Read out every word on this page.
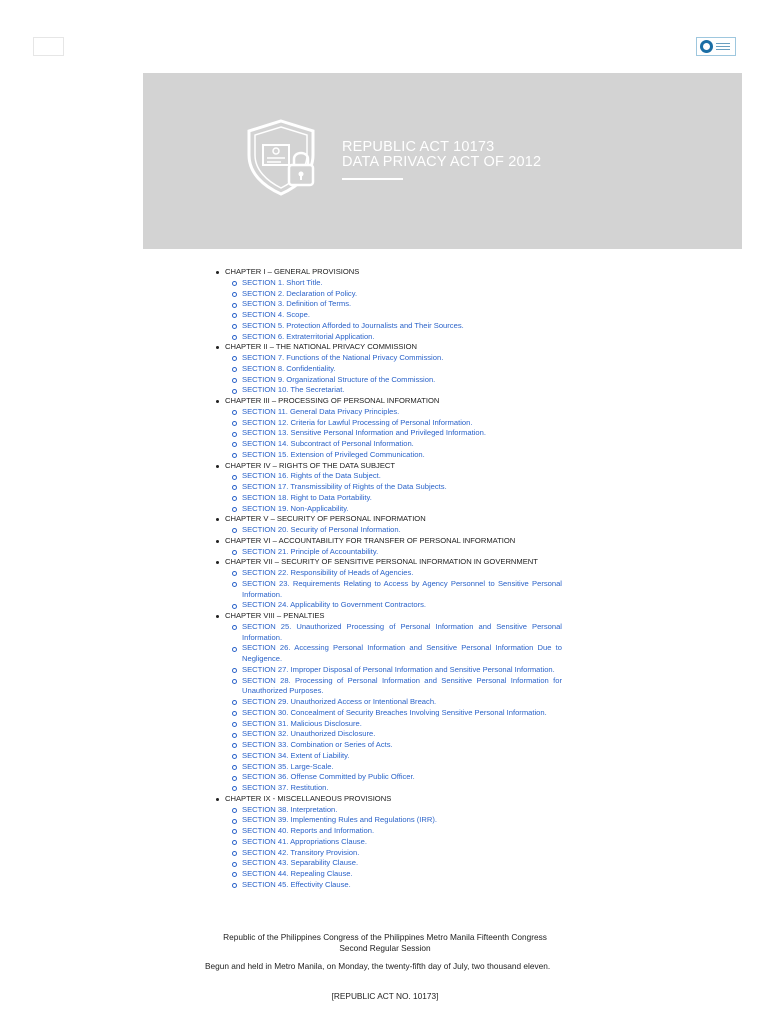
REPUBLIC ACT 10173
DATA PRIVACY ACT OF 2012
CHAPTER I – GENERAL PROVISIONS
SECTION 1. Short Title.
SECTION 2. Declaration of Policy.
SECTION 3. Definition of Terms.
SECTION 4. Scope.
SECTION 5. Protection Afforded to Journalists and Their Sources.
SECTION 6. Extraterritorial Application.
CHAPTER II – THE NATIONAL PRIVACY COMMISSION
SECTION 7. Functions of the National Privacy Commission.
SECTION 8. Confidentiality.
SECTION 9. Organizational Structure of the Commission.
SECTION 10. The Secretariat.
CHAPTER III – PROCESSING OF PERSONAL INFORMATION
SECTION 11. General Data Privacy Principles.
SECTION 12. Criteria for Lawful Processing of Personal Information.
SECTION 13. Sensitive Personal Information and Privileged Information.
SECTION 14. Subcontract of Personal Information.
SECTION 15. Extension of Privileged Communication.
CHAPTER IV – RIGHTS OF THE DATA SUBJECT
SECTION 16. Rights of the Data Subject.
SECTION 17. Transmissibility of Rights of the Data Subjects.
SECTION 18. Right to Data Portability.
SECTION 19. Non-Applicability.
CHAPTER V – SECURITY OF PERSONAL INFORMATION
SECTION 20. Security of Personal Information.
CHAPTER VI – ACCOUNTABILITY FOR TRANSFER OF PERSONAL INFORMATION
SECTION 21. Principle of Accountability.
CHAPTER VII – SECURITY OF SENSITIVE PERSONAL INFORMATION IN GOVERNMENT
SECTION 22. Responsibility of Heads of Agencies.
SECTION 23. Requirements Relating to Access by Agency Personnel to Sensitive Personal Information.
SECTION 24. Applicability to Government Contractors.
CHAPTER VIII – PENALTIES
SECTION 25. Unauthorized Processing of Personal Information and Sensitive Personal Information.
SECTION 26. Accessing Personal Information and Sensitive Personal Information Due to Negligence.
SECTION 27. Improper Disposal of Personal Information and Sensitive Personal Information.
SECTION 28. Processing of Personal Information and Sensitive Personal Information for Unauthorized Purposes.
SECTION 29. Unauthorized Access or Intentional Breach.
SECTION 30. Concealment of Security Breaches Involving Sensitive Personal Information.
SECTION 31. Malicious Disclosure.
SECTION 32. Unauthorized Disclosure.
SECTION 33. Combination or Series of Acts.
SECTION 34. Extent of Liability.
SECTION 35. Large-Scale.
SECTION 36. Offense Committed by Public Officer.
SECTION 37. Restitution.
CHAPTER IX - MISCELLANEOUS PROVISIONS
SECTION 38. Interpretation.
SECTION 39. Implementing Rules and Regulations (IRR).
SECTION 40. Reports and Information.
SECTION 41. Appropriations Clause.
SECTION 42. Transitory Provision.
SECTION 43. Separability Clause.
SECTION 44. Repealing Clause.
SECTION 45. Effectivity Clause.
Republic of the Philippines Congress of the Philippines Metro Manila Fifteenth Congress
Second Regular Session
Begun and held in Metro Manila, on Monday, the twenty-fifth day of July, two thousand eleven.
[REPUBLIC ACT NO. 10173]
